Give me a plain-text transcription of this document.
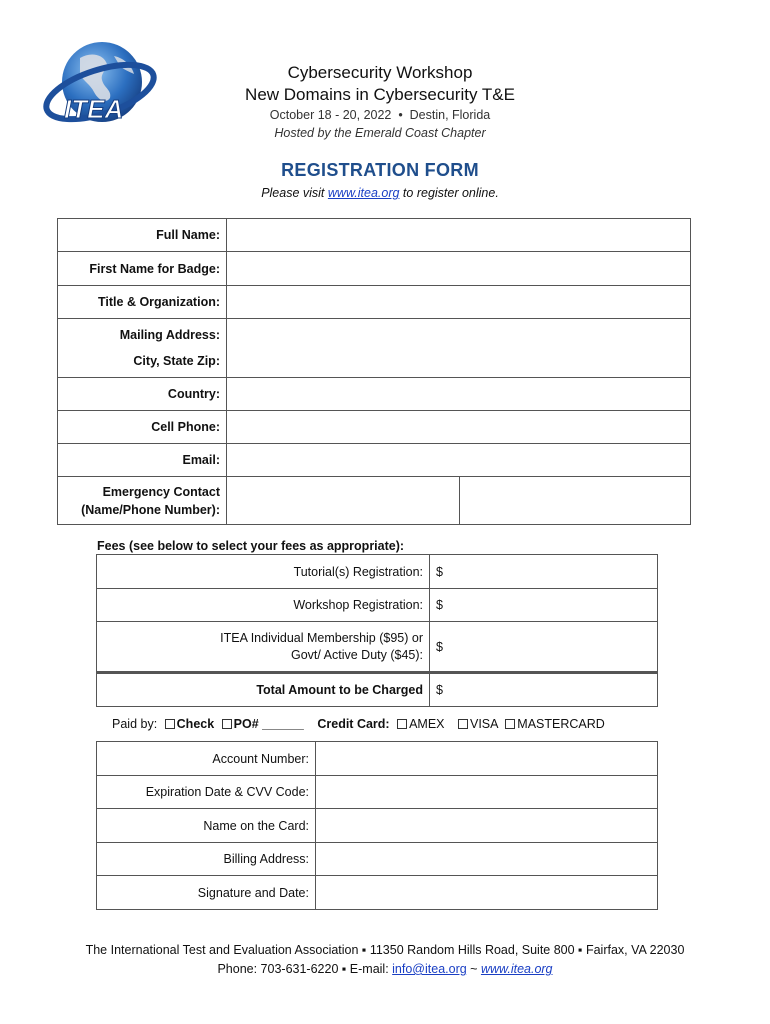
ITEA
Cybersecurity Workshop
New Domains in Cybersecurity T&E
October 18 - 20, 2022  •  Destin, Florida
Hosted by the Emerald Coast Chapter
REGISTRATION FORM
Please visit www.itea.org to register online.
Full Name:		
First Name for Badge:		
Title & Organization:		

Mailing Address:
City, State Zip:		

Country:		
Cell Phone:		
Email:		

Emergency Contact
(Name/Phone Number):		

Fees (see below to select your fees as appropriate):
Tutorial(s) Registration:	$
Workshop Registration:	$

ITEA Individual Membership ($95) or
Govt/ Active Duty ($45):	$
Total Amount to be Charged	$
Paid by: Check PO# ______ Credit Card: AMEX VISA MASTERCARD
Account Number:	
Expiration Date & CVV Code:	
Name on the Card:	
Billing Address:	
Signature and Date:	
The International Test and Evaluation Association ▪ 11350 Random Hills Road, Suite 800 ▪ Fairfax, VA 22030
Phone: 703-631-6220 ▪ E-mail: info@itea.org ~ www.itea.org
